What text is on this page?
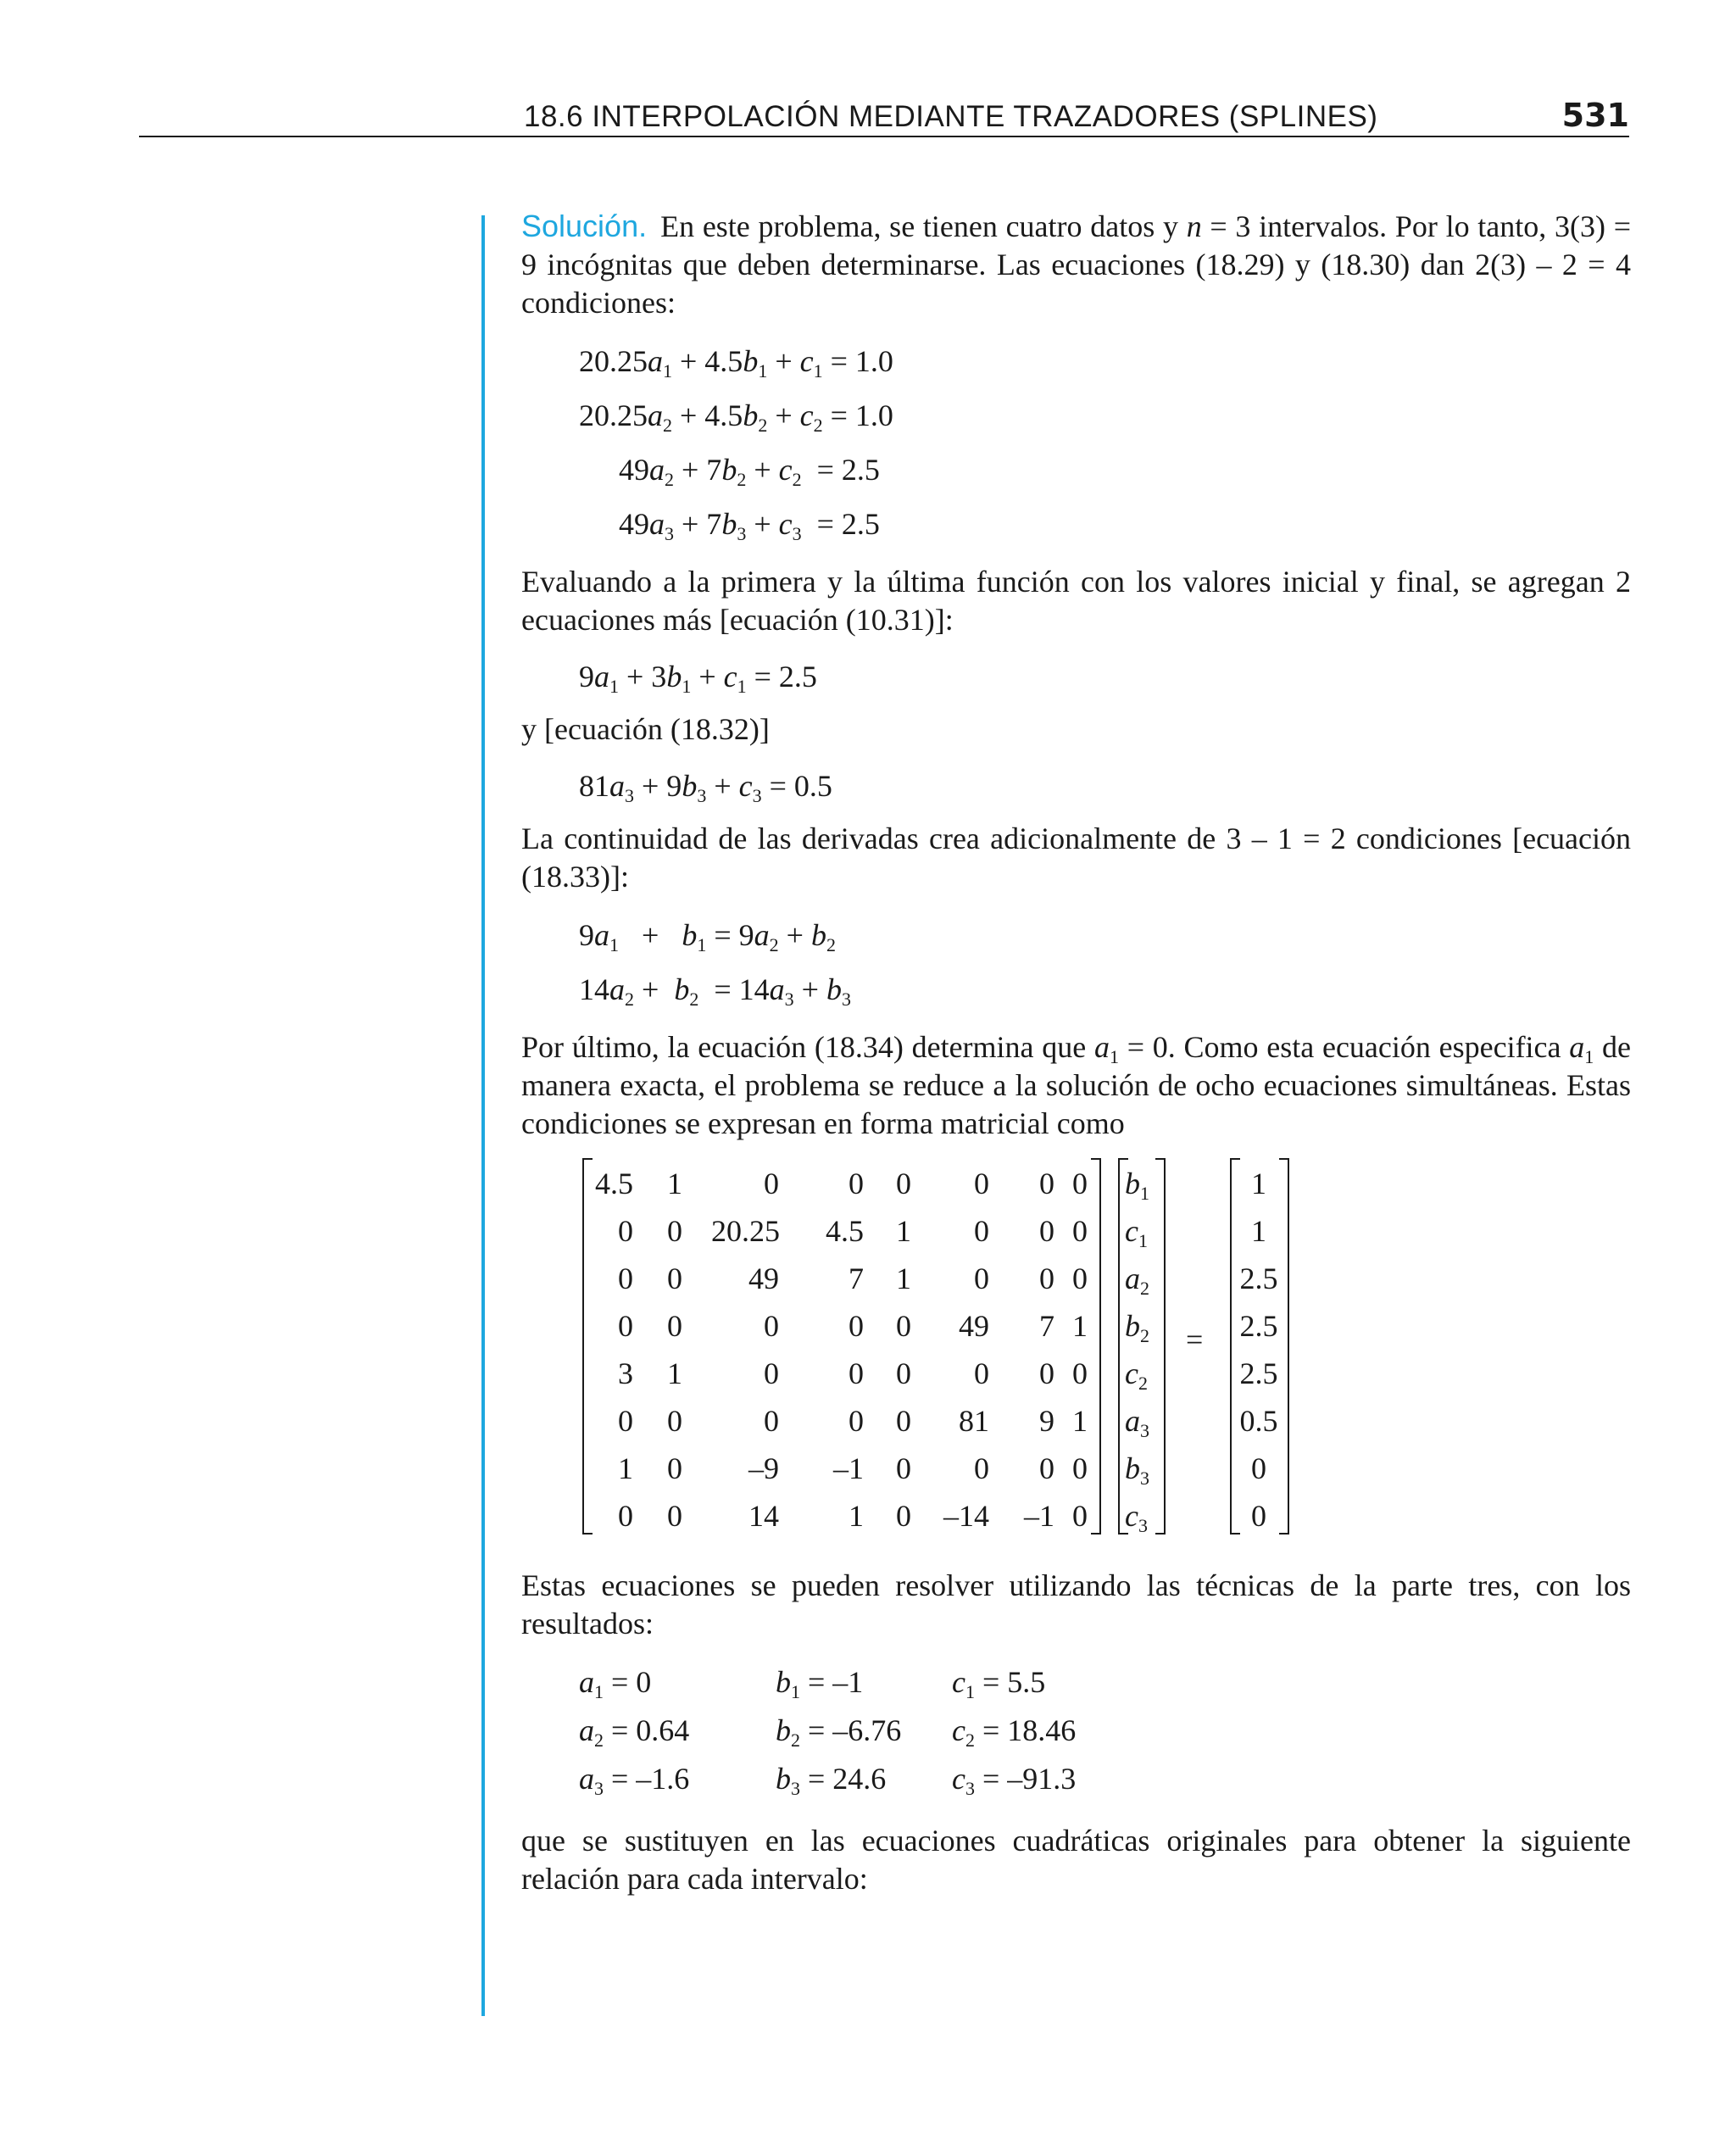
18.6 INTERPOLACIÓN MEDIANTE TRAZADORES (SPLINES)	531

Solución. En este problema, se tienen cuatro datos y n = 3 intervalos. Por lo tanto, 3(3) = 9 incógnitas que deben determinarse. Las ecuaciones (18.29) y (18.30) dan 2(3) – 2 = 4 condiciones:

$20.25a_1 + 4.5b_1 + c_1 = 1.0$
$20.25a_2 + 4.5b_2 + c_2 = 1.0$
$49a_2 + 7b_2 + c_2 = 2.5$
$49a_3 + 7b_3 + c_3 = 2.5$

Evaluando a la primera y la última función con los valores inicial y final, se agregan 2 ecuaciones más [ecuación (10.31)]:

$9a_1 + 3b_1 + c_1 = 2.5$

y [ecuación (18.32)]

$81a_3 + 9b_3 + c_3 = 0.5$

La continuidad de las derivadas crea adicionalmente de 3 – 1 = 2 condiciones [ecuación (18.33)]:

$9a_1 + b_1 = 9a_2 + b_2$
$14a_2 + b_2 = 14a_3 + b_3$

Por último, la ecuación (18.34) determina que $a_1 = 0$. Como esta ecuación especifica $a_1$ de manera exacta, el problema se reduce a la solución de ocho ecuaciones simultáneas. Estas condiciones se expresan en forma matricial como

4.5	1	0	0	0	0	0 0
0	0 20.25	4.5	1	0	0 0
0	0	49	7	1	0	0 0
0	0	0	0	0	49	7 1
3	1	0	0	0	0	0 0
0	0	0	0	0	81	9 1
1	0	–9	–1	0	0	0 0
0	0	14	1	0	–14	–1 0
$b_1$
$c_1$
$a_2$
$b_2$
$c_2$
$a_3$
$b_3$
$c_3$
=
1
1
2.5
2.5
2.5
0.5
0
0

Estas ecuaciones se pueden resolver utilizando las técnicas de la parte tres, con los resultados:

$a_1 = 0$	$b_1 = -1$	$c_1 = 5.5$
$a_2 = 0.64$	$b_2 = -6.76$ $c_2 = 18.46$
$a_3 = -1.6$	$b_3 = 24.6$ $c_3 = -91.3$

que se sustituyen en las ecuaciones cuadráticas originales para obtener la siguiente relación para cada intervalo:
